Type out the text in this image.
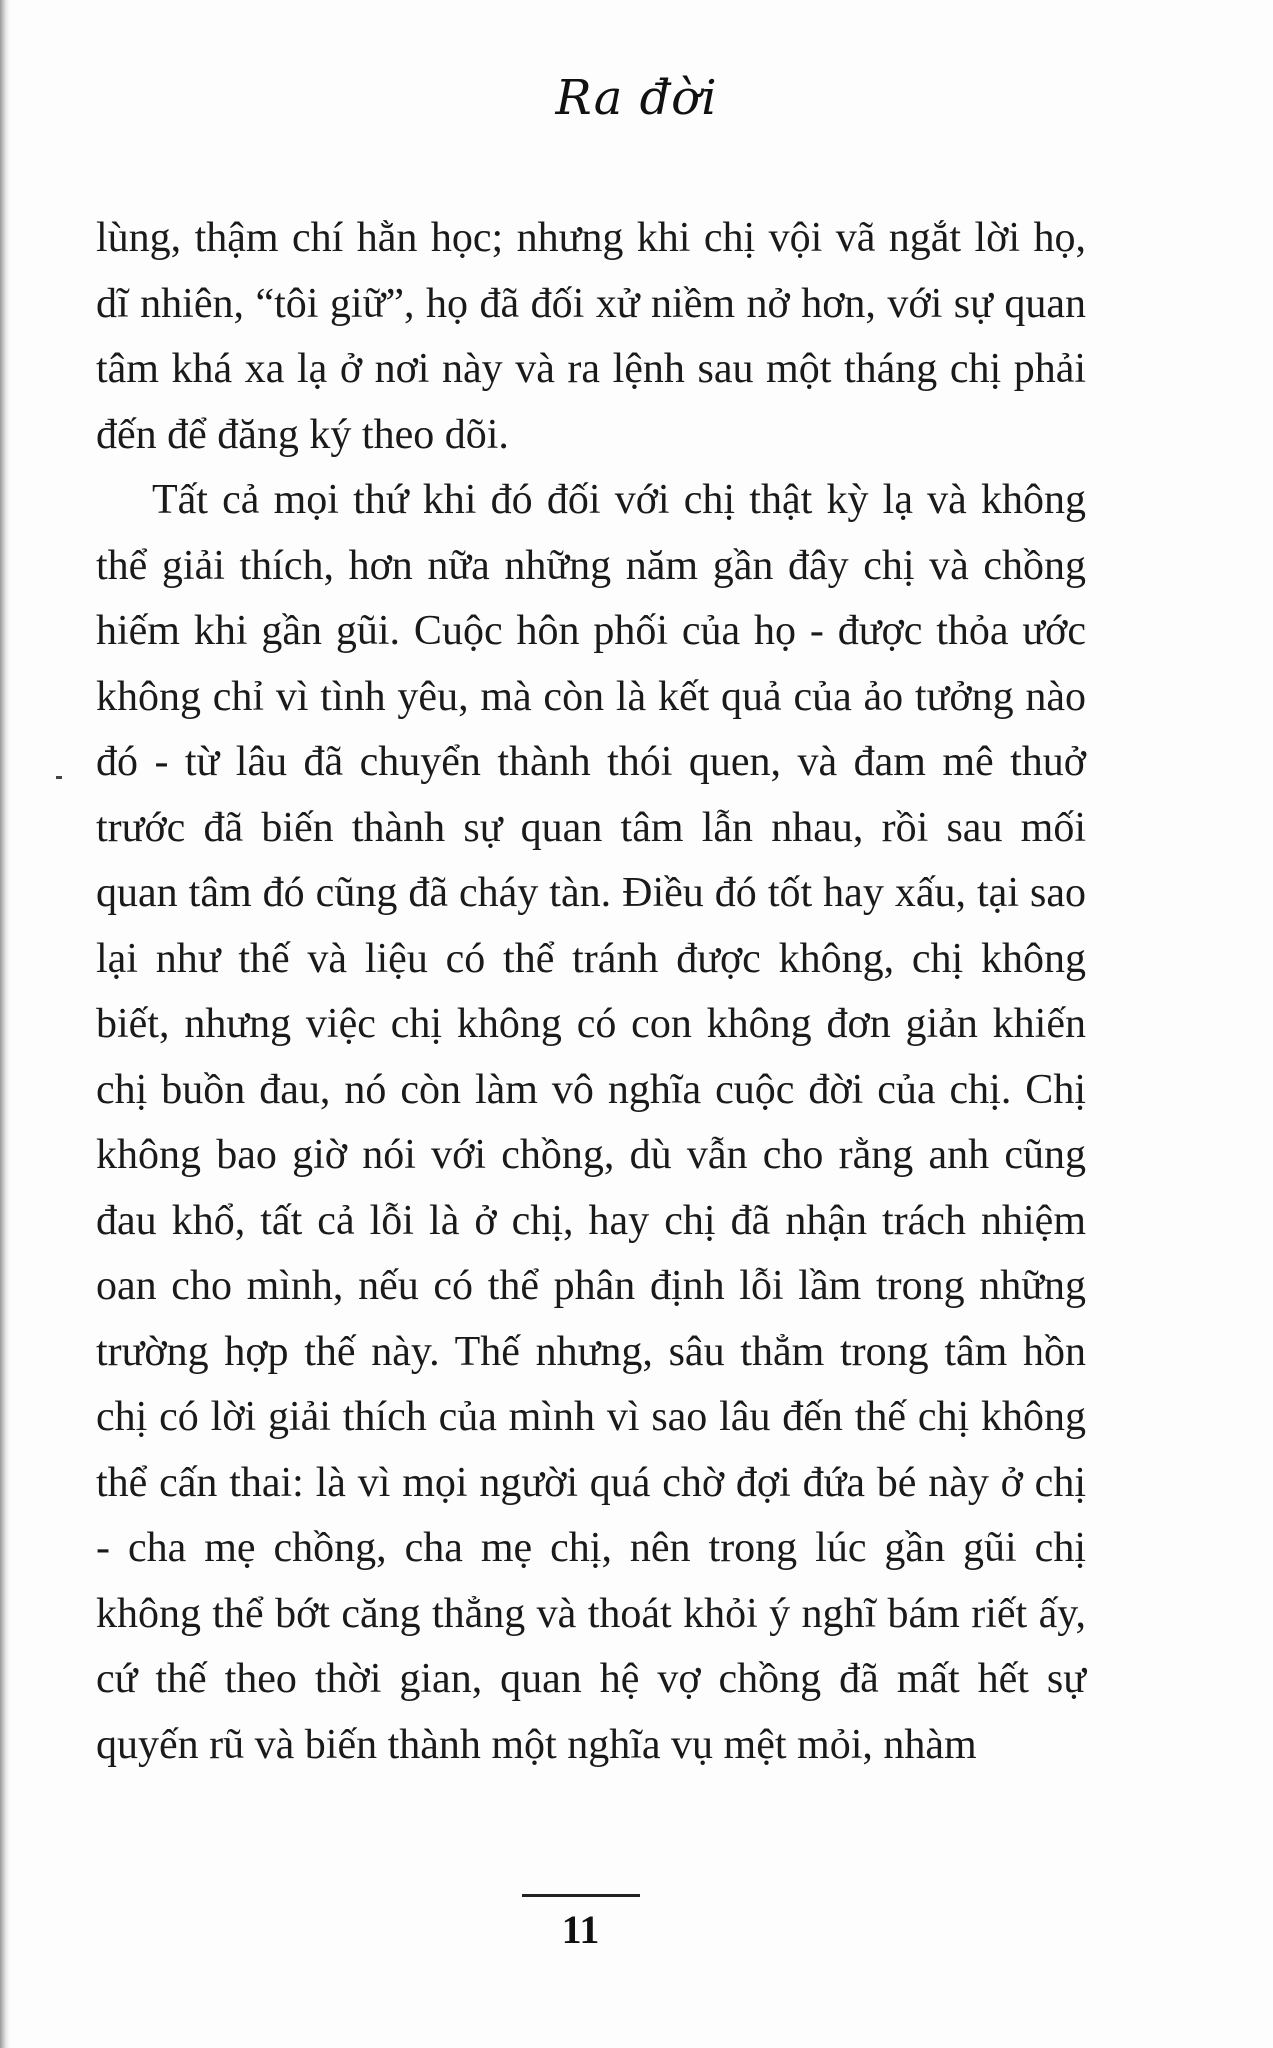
Ra đời

lùng, thậm chí hằn học; nhưng khi chị vội vã ngắt lời họ, dĩ nhiên, “tôi giữ”, họ đã đối xử niềm nở hơn, với sự quan tâm khá xa lạ ở nơi này và ra lệnh sau một tháng chị phải đến để đăng ký theo dõi.

Tất cả mọi thứ khi đó đối với chị thật kỳ lạ và không thể giải thích, hơn nữa những năm gần đây chị và chồng hiếm khi gần gũi. Cuộc hôn phối của họ - được thỏa ước không chỉ vì tình yêu, mà còn là kết quả của ảo tưởng nào đó - từ lâu đã chuyển thành thói quen, và đam mê thuở trước đã biến thành sự quan tâm lẫn nhau, rồi sau mối quan tâm đó cũng đã cháy tàn. Điều đó tốt hay xấu, tại sao lại như thế và liệu có thể tránh được không, chị không biết, nhưng việc chị không có con không đơn giản khiến chị buồn đau, nó còn làm vô nghĩa cuộc đời của chị. Chị không bao giờ nói với chồng, dù vẫn cho rằng anh cũng đau khổ, tất cả lỗi là ở chị, hay chị đã nhận trách nhiệm oan cho mình, nếu có thể phân định lỗi lầm trong những trường hợp thế này. Thế nhưng, sâu thẳm trong tâm hồn chị có lời giải thích của mình vì sao lâu đến thế chị không thể cấn thai: là vì mọi người quá chờ đợi đứa bé này ở chị - cha mẹ chồng, cha mẹ chị, nên trong lúc gần gũi chị không thể bớt căng thẳng và thoát khỏi ý nghĩ bám riết ấy, cứ thế theo thời gian, quan hệ vợ chồng đã mất hết sự quyến rũ và biến thành một nghĩa vụ mệt mỏi, nhàm

11
